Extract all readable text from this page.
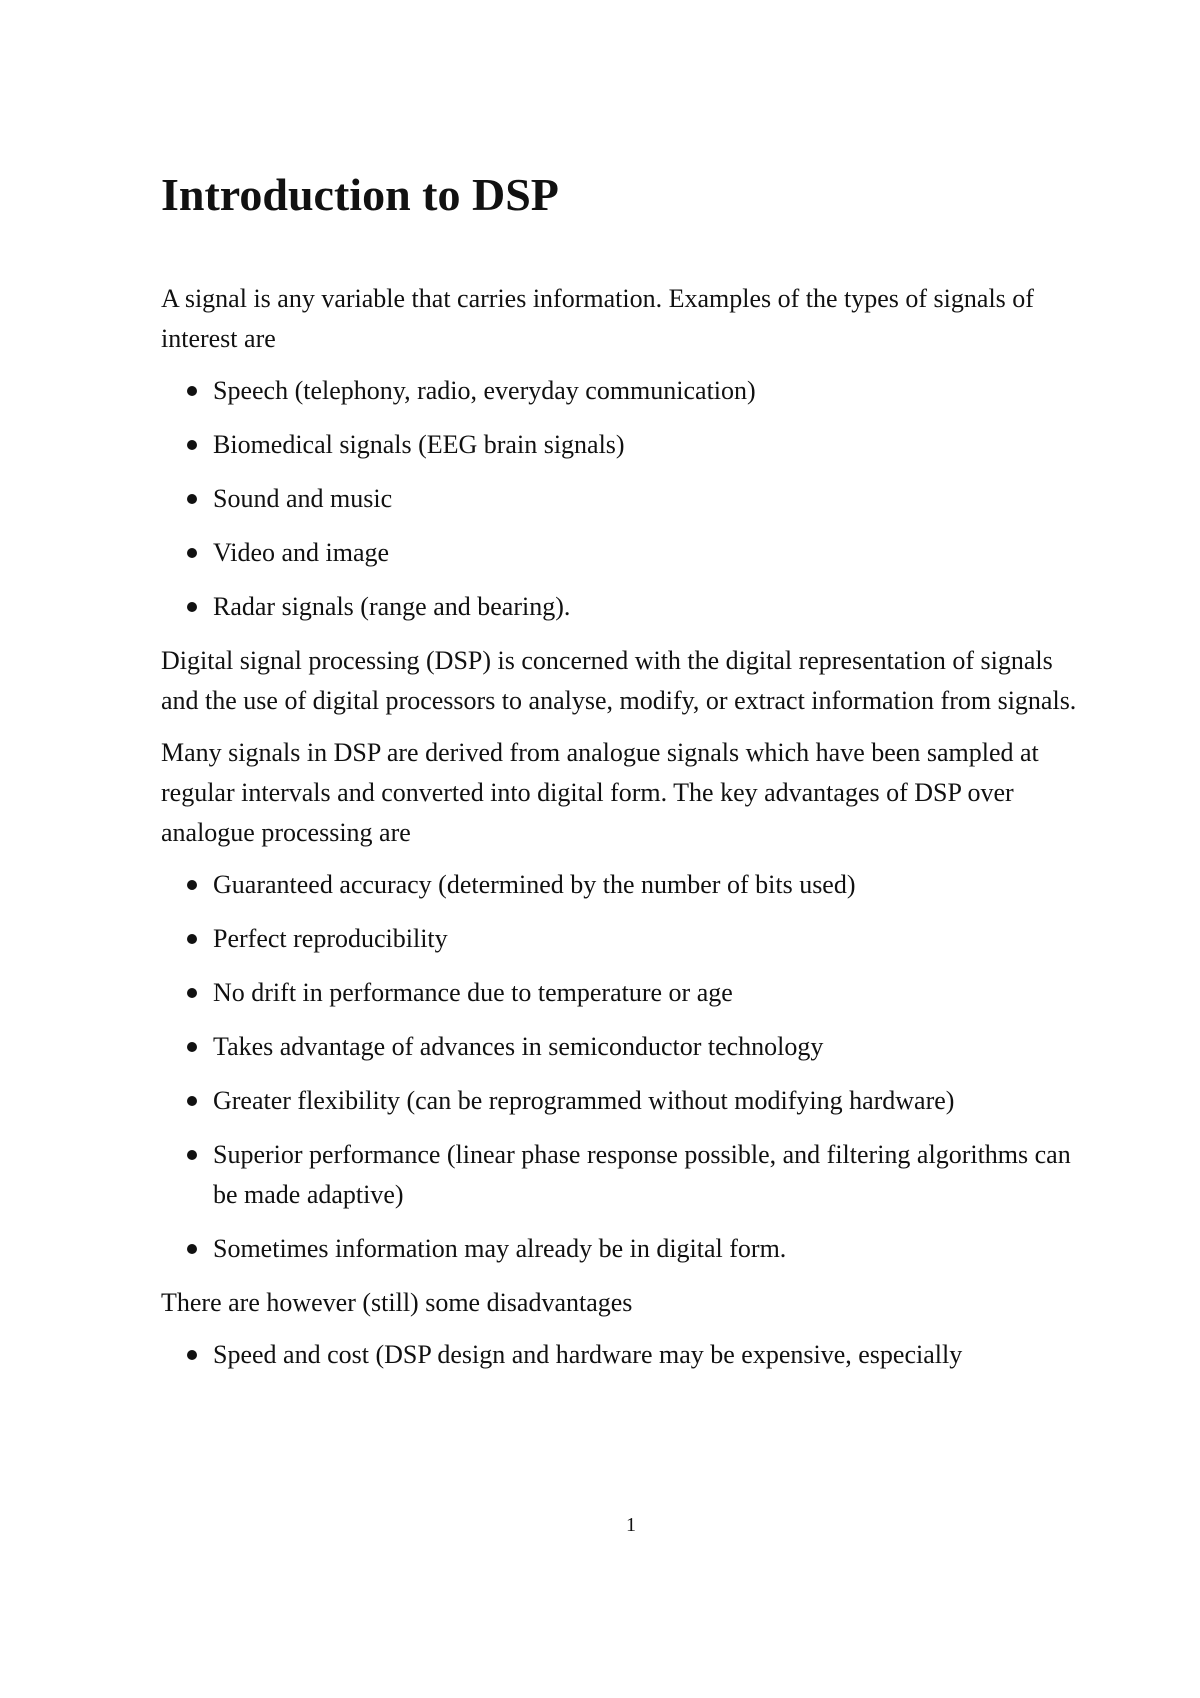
Introduction to DSP

A signal is any variable that carries information. Examples of the types of signals of interest are

Speech (telephony, radio, everyday communication)
Biomedical signals (EEG brain signals)
Sound and music
Video and image
Radar signals (range and bearing).

Digital signal processing (DSP) is concerned with the digital representation of signals and the use of digital processors to analyse, modify, or extract information from signals.

Many signals in DSP are derived from analogue signals which have been sampled at regular intervals and converted into digital form. The key advantages of DSP over analogue processing are

Guaranteed accuracy (determined by the number of bits used)
Perfect reproducibility
No drift in performance due to temperature or age
Takes advantage of advances in semiconductor technology
Greater flexibility (can be reprogrammed without modifying hardware)
Superior performance (linear phase response possible, and filtering algorithms can be made adaptive)
Sometimes information may already be in digital form.

There are however (still) some disadvantages

Speed and cost (DSP design and hardware may be expensive, especially
1
